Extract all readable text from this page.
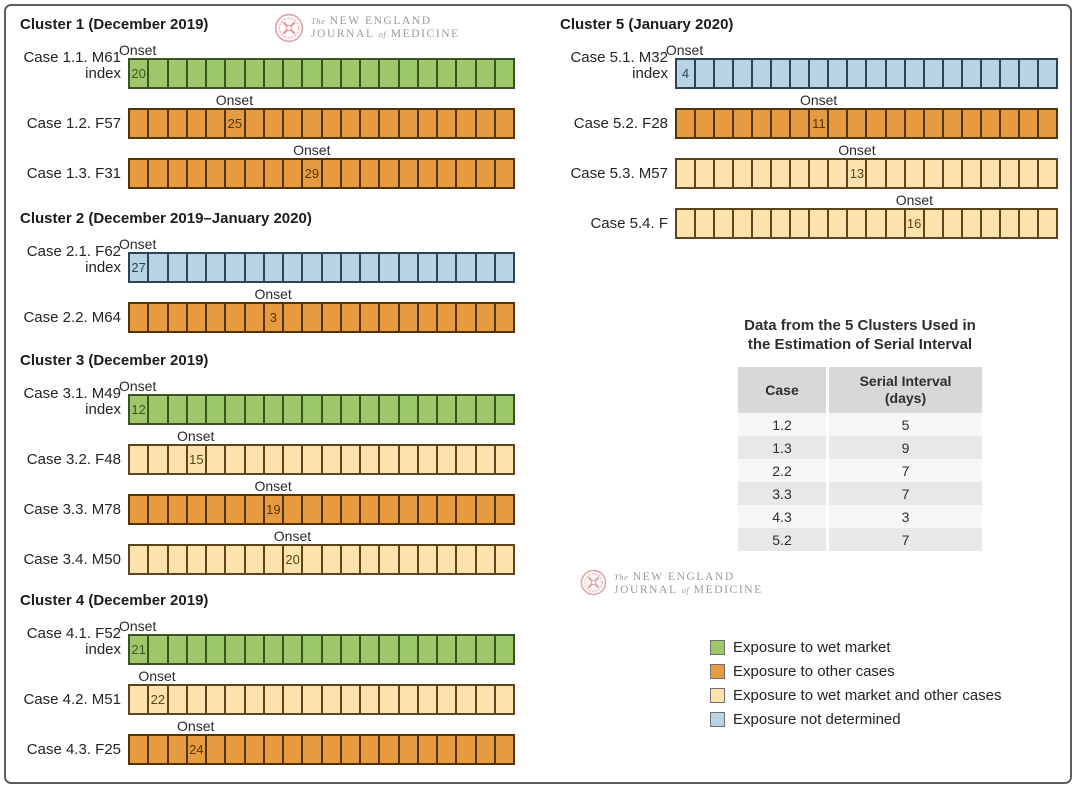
Cluster 1 (December 2019)
Onset
Case 1.1. M61
index 20
Onset
Case 1.2. F57	25
Onset
Case 1.3. F31	29
Cluster 2 (December 2019–January 2020)
Onset
Case 2.1. F62
index 27
Onset
Case 2.2. M64	3
Cluster 3 (December 2019)
Onset
Case 3.1. M49
index 12
Onset
Case 3.2. F48	15
Onset
Case 3.3. M78	19
Onset
Case 3.4. M50	20
Cluster 4 (December 2019)
Onset
Case 4.1. F52
index 21
Onset
Case 4.2. M51 22
Onset
Case 4.3. F25	24
Cluster 5 (January 2020)
Onset
Case 5.1. M32
index 4
Onset
Case 5.2. F28	11
Onset
Case 5.3. M57	13
Onset
Case 5.4. F	16
The NEW ENGLAND
JOURNAL of MEDICINE
The NEW ENGLAND
JOURNAL of MEDICINE
Data from the 5 Clusters Used in
the Estimation of Serial Interval
Case
Serial Interval
(days)
1.2	5
1.3	9
2.2	7
3.3	7
4.3	3
5.2	7
Exposure to wet market
Exposure to other cases
Exposure to wet market and other cases
Exposure not determined
